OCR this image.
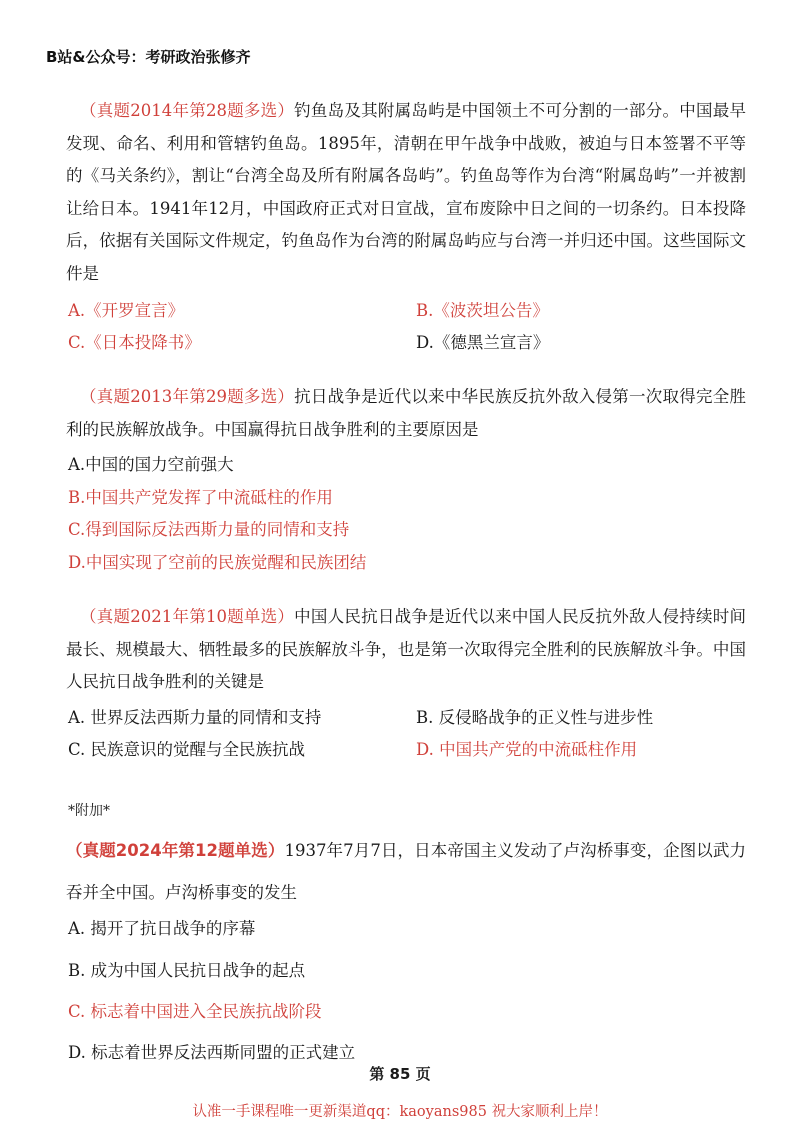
B站&公众号：考研政治张修齐
（真题2014年第28题多选）钓鱼岛及其附属岛屿是中国领土不可分割的一部分。中国最早发现、命名、利用和管辖钓鱼岛。1895年，清朝在甲午战争中战败，被迫与日本签署不平等的《马关条约》，割让“台湾全岛及所有附属各岛屿”。钓鱼岛等作为台湾“附属岛屿”一并被割让给日本。1941年12月，中国政府正式对日宣战，宣布废除中日之间的一切条约。日本投降后，依据有关国际文件规定，钓鱼岛作为台湾的附属岛屿应与台湾一并归还中国。这些国际文件是
A.《开罗宣言》	B.《波茨坦公告》
C.《日本投降书》	D.《德黑兰宣言》
（真题2013年第29题多选）抗日战争是近代以来中华民族反抗外敌入侵第一次取得完全胜利的民族解放战争。中国赢得抗日战争胜利的主要原因是
A.中国的国力空前强大
B.中国共产党发挥了中流砥柱的作用
C.得到国际反法西斯力量的同情和支持
D.中国实现了空前的民族觉醒和民族团结
（真题2021年第10题单选）中国人民抗日战争是近代以来中国人民反抗外敌人侵持续时间最长、规模最大、牺牲最多的民族解放斗争，也是第一次取得完全胜利的民族解放斗争。中国人民抗日战争胜利的关键是
A. 世界反法西斯力量的同情和支持	B. 反侵略战争的正义性与进步性
C. 民族意识的觉醒与全民族抗战	D. 中国共产党的中流砥柱作用
*附加*
（真题2024年第12题单选）1937年7月7日，日本帝国主义发动了卢沟桥事变，企图以武力吞并全中国。卢沟桥事变的发生
A. 揭开了抗日战争的序幕
B. 成为中国人民抗日战争的起点
C. 标志着中国进入全民族抗战阶段
D. 标志着世界反法西斯同盟的正式建立
第 85 页
认准一手课程唯一更新渠道qq：kaoyans985 祝大家顺利上岸！
